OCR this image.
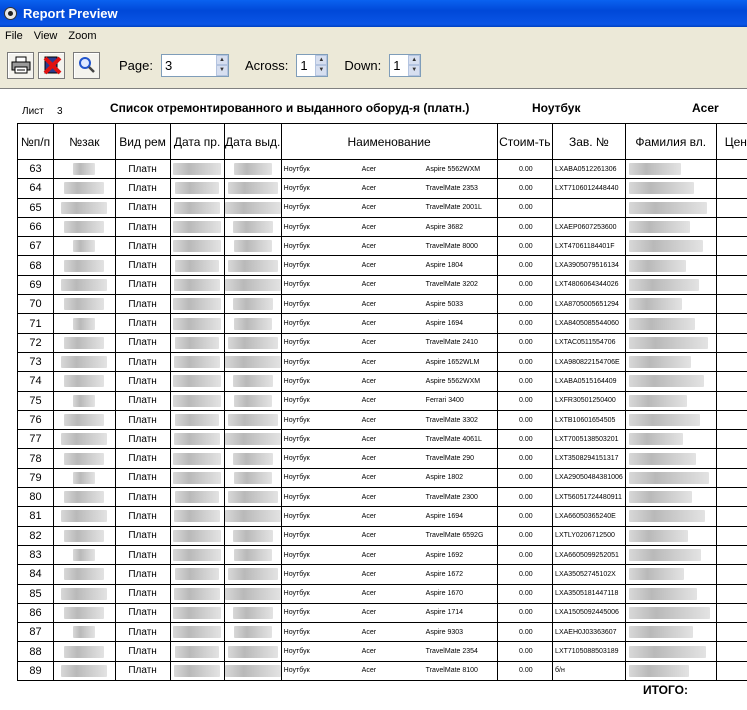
Report Preview
File	View	Zoom
Page:
3	▲
▼ Across:
1	▲
▼ Down:
1	▲
▼
Лист 3	Список отремонтированного и выданного оборуд-я (платн.)	Ноутбук	Acer
№п/п	№зак	Вид рем	Дата пр.	Дата выд.	Наименование	Стоим-ть	Зав. №	Фамилия вл.	Цен
63		Платн			Ноутбук Acer Aspire 5562WXM	0.00	LXABA0512261306		
64		Платн			Ноутбук Acer TravelMate 2353	0.00	LXT7106012448440		
65		Платн			Ноутбук Acer TravelMate 2001L	0.00			
66		Платн			Ноутбук Acer Aspire 3682	0.00	LXAEP0607253600		
67		Платн			Ноутбук Acer TravelMate 8000	0.00	LXT47061184401F		
68		Платн			Ноутбук Acer Aspire 1804	0.00	LXA3905079516134		
69		Платн			Ноутбук Acer TravelMate 3202	0.00	LXT4806064344026		
70		Платн			Ноутбук Acer Aspire 5033	0.00	LXA8705005651294		
71		Платн			Ноутбук Acer Aspire 1694	0.00	LXA8405085544060		
72		Платн			Ноутбук Acer TravelMate 2410	0.00	LXTAC0511554706		
73		Платн			Ноутбук Acer Aspire 1652WLM	0.00	LXA980822154706E		
74		Платн			Ноутбук Acer Aspire 5562WXM	0.00	LXABA0515164409		
75		Платн			Ноутбук Acer Ferrari 3400	0.00	LXFR30501250400		
76		Платн			Ноутбук Acer TravelMate 3302	0.00	LXTB10601654505		
77		Платн			Ноутбук Acer TravelMate 4061L	0.00	LXT7005138503201		
78		Платн			Ноутбук Acer TravelMate 290	0.00	LXT3508294151317		
79		Платн			Ноутбук Acer Aspire 1802	0.00	LXA29050484381006		
80		Платн			Ноутбук Acer TravelMate 2300	0.00	LXT56051724480911		
81		Платн			Ноутбук Acer Aspire 1694	0.00	LXA66050365240E		
82		Платн			Ноутбук Acer TravelMate 6592G	0.00	LXTLY0206712500		
83		Платн			Ноутбук Acer Aspire 1692	0.00	LXA6605099252051		
84		Платн			Ноутбук Acer Aspire 1672	0.00	LXA35052745102X		
85		Платн			Ноутбук Acer Aspire 1670	0.00	LXA3505181447118		
86		Платн			Ноутбук Acer Aspire 1714	0.00	LXA1505092445006		
87		Платн			Ноутбук Acer Aspire 9303	0.00	LXAEH0J03363607		
88		Платн			Ноутбук Acer TravelMate 2354	0.00	LXT7105088503189		
89		Платн			Ноутбук Acer TravelMate 8100	0.00	б/н		
ИТОГО:
